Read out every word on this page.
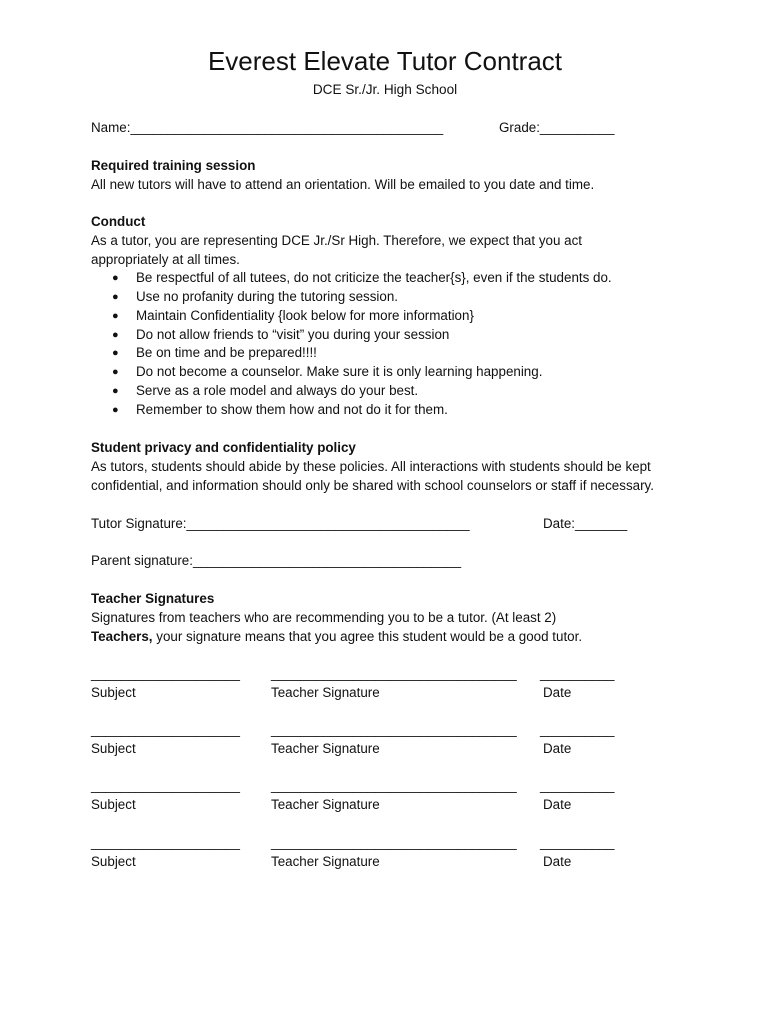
Everest Elevate Tutor Contract
DCE Sr./Jr. High School
Name:__________________________________________	Grade:__________
Required training session
All new tutors will have to attend an orientation. Will be emailed to you date and time.
Conduct
As a tutor, you are representing DCE Jr./Sr High. Therefore, we expect that you act
appropriately at all times.
●	Be respectful of all tutees, do not criticize the teacher{s}, even if the students do.
●	Use no profanity during the tutoring session.
●	Maintain Confidentiality {look below for more information}
●	Do not allow friends to “visit” you during your session
●	Be on time and be prepared!!!!
●	Do not become a counselor. Make sure it is only learning happening.
●	Serve as a role model and always do your best.
●	Remember to show them how and not do it for them.
Student privacy and confidentiality policy
As tutors, students should abide by these policies. All interactions with students should be kept
confidential, and information should only be shared with school counselors or staff if necessary.
Tutor Signature:______________________________________	Date:_______
Parent signature:____________________________________
Teacher Signatures
Signatures from teachers who are recommending you to be a tutor. (At least 2)
Teachers, your signature means that you agree this student would be a good tutor.
____________________ _________________________________ __________
Subject	Teacher Signature	Date
____________________ _________________________________ __________
Subject	Teacher Signature	Date
____________________ _________________________________ __________
Subject	Teacher Signature	Date
____________________ _________________________________ __________
Subject	Teacher Signature	Date
